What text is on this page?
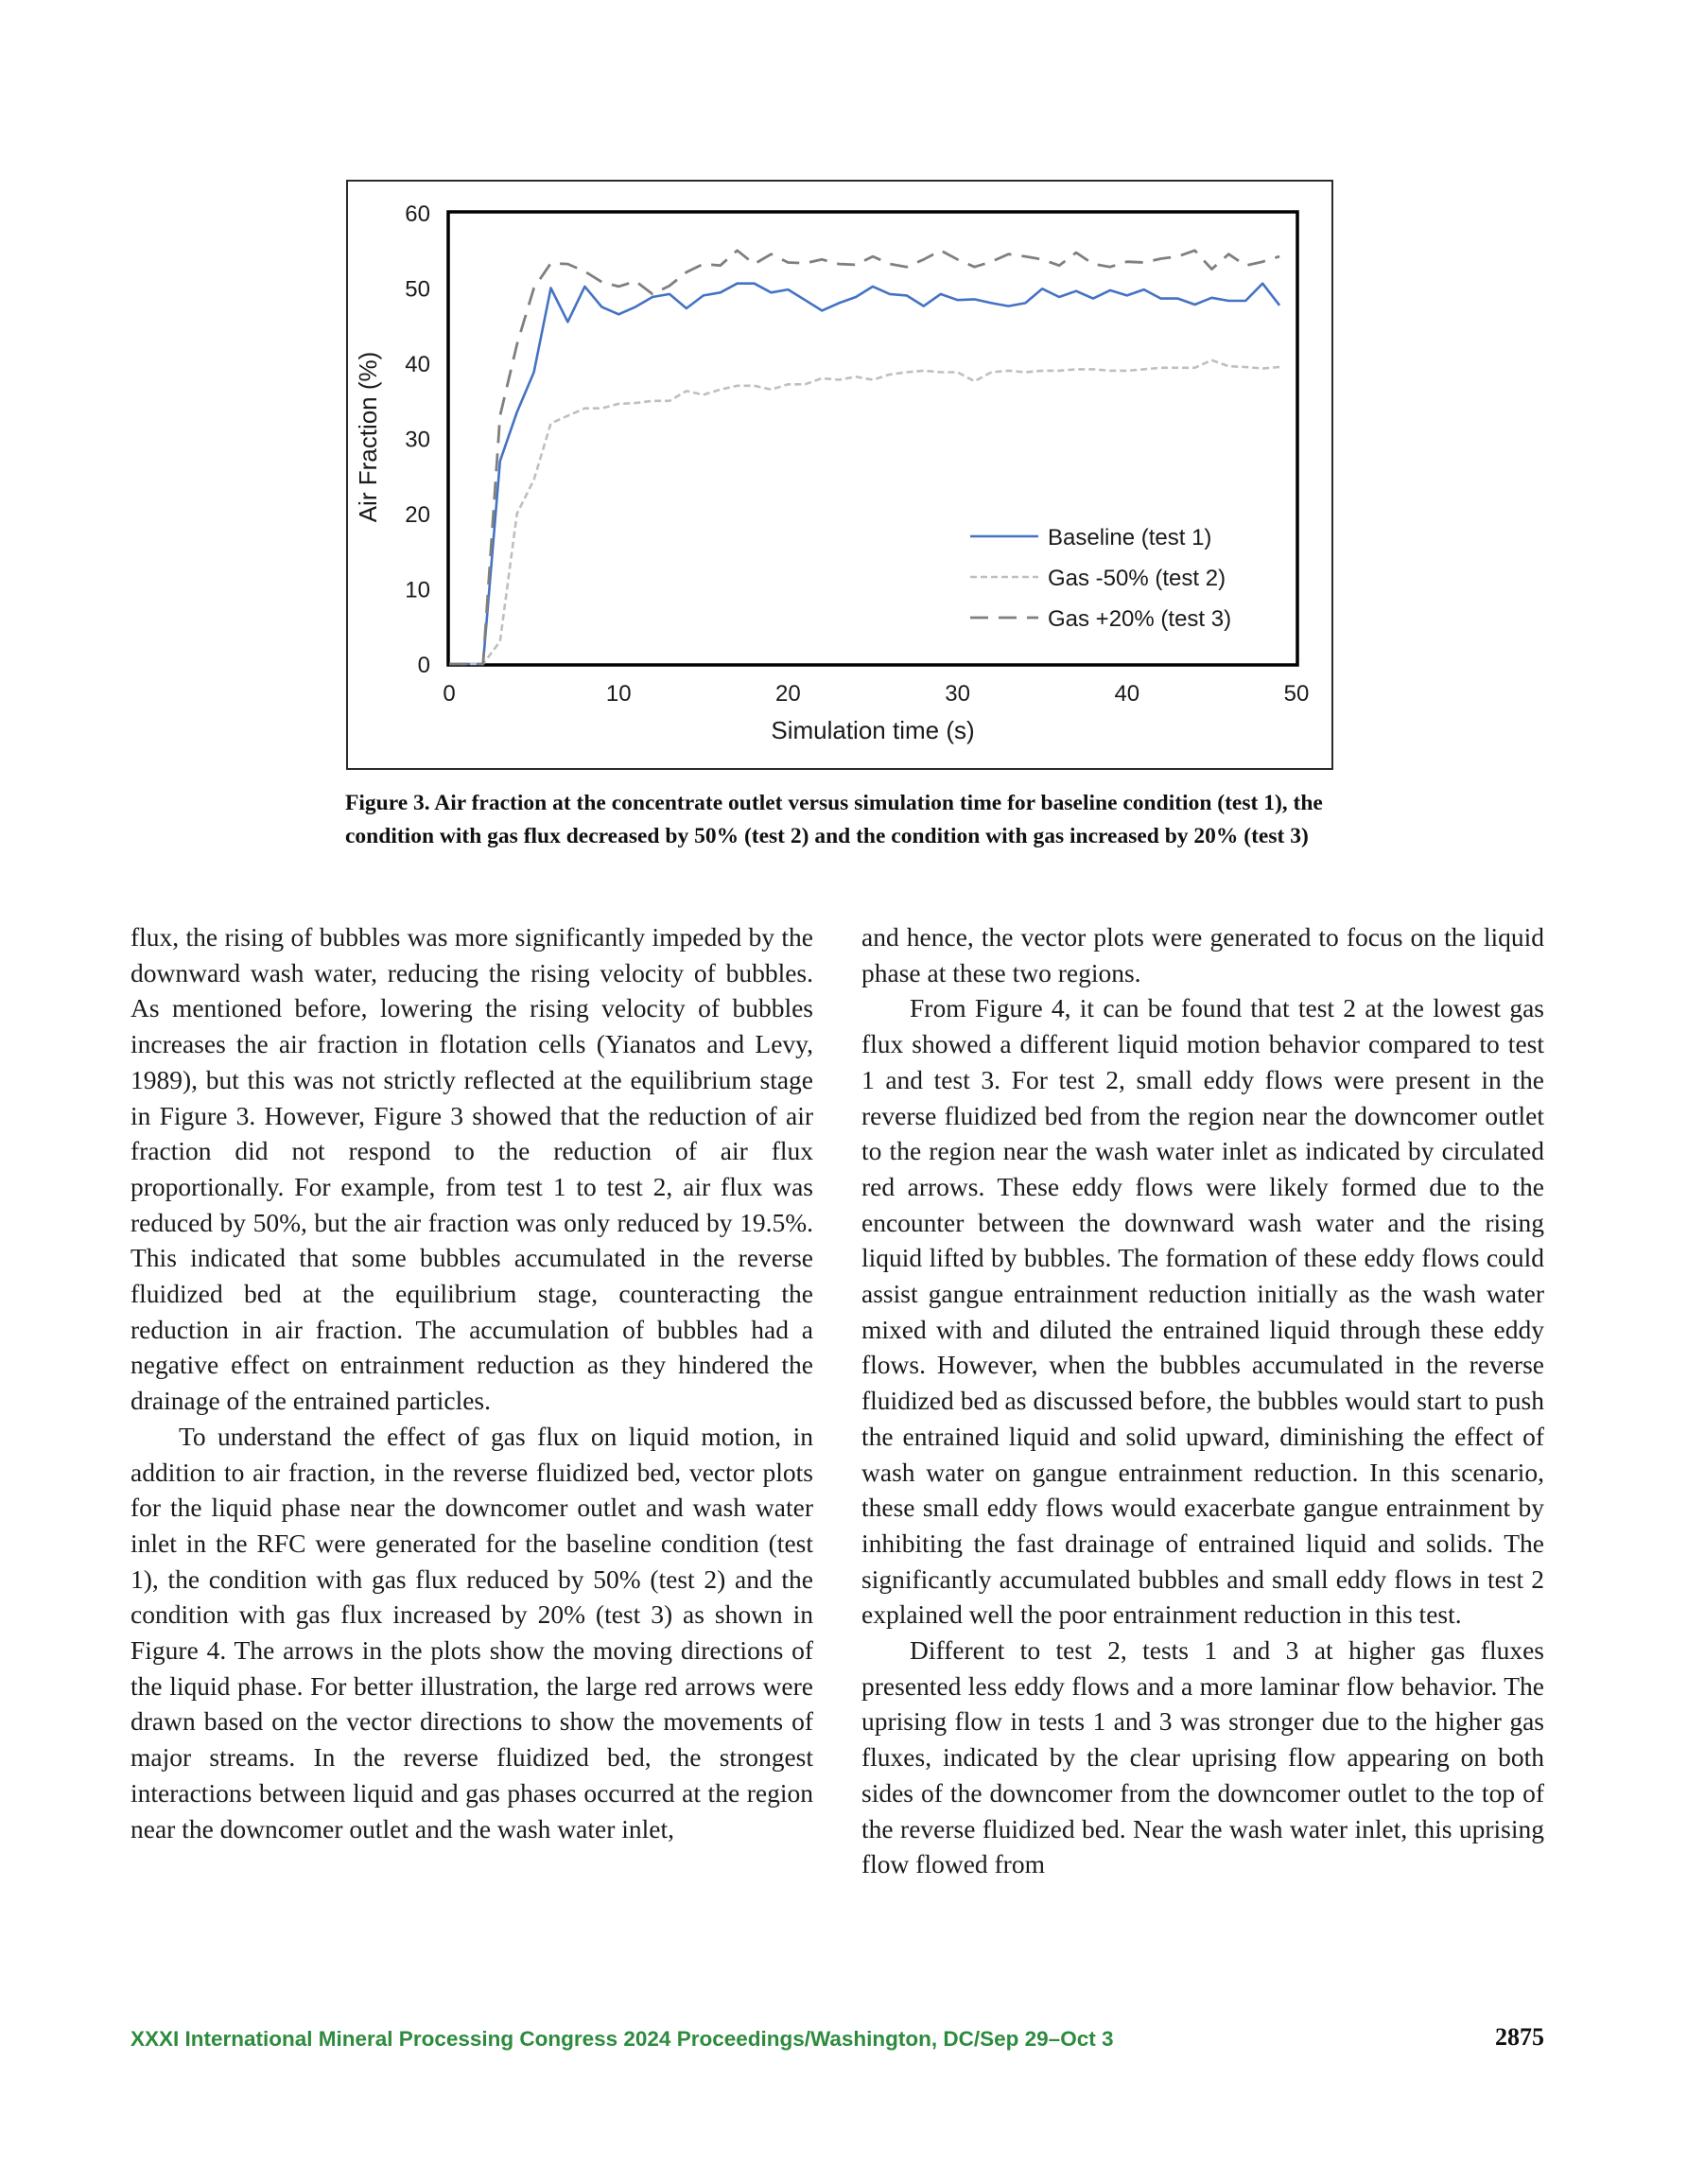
0
10
20
30
40
50
60
0	10	20	30	40	50
Air Fraction (%)
Simulation time (s)
Baseline (test 1)
Gas -50% (test 2)
Gas +20% (test 3)

Figure 3. Air fraction at the concentrate outlet versus simulation time for baseline condition (test 1), the condition with gas flux decreased by 50% (test 2) and the condition with gas increased by 20% (test 3)

flux, the rising of bubbles was more significantly impeded by the downward wash water, reducing the rising velocity of bubbles. As mentioned before, lowering the rising velocity of bubbles increases the air fraction in flotation cells (Yianatos and Levy, 1989), but this was not strictly reflected at the equilibrium stage in Figure 3. However, Figure 3 showed that the reduction of air fraction did not respond to the reduction of air flux proportionally. For example, from test 1 to test 2, air flux was reduced by 50%, but the air fraction was only reduced by 19.5%. This indicated that some bubbles accumulated in the reverse fluidized bed at the equilibrium stage, counteracting the reduction in air fraction. The accumulation of bubbles had a negative effect on entrainment reduction as they hindered the drainage of the entrained particles.

To understand the effect of gas flux on liquid motion, in addition to air fraction, in the reverse fluidized bed, vector plots for the liquid phase near the downcomer outlet and wash water inlet in the RFC were generated for the baseline condition (test 1), the condition with gas flux reduced by 50% (test 2) and the condition with gas flux increased by 20% (test 3) as shown in Figure 4. The arrows in the plots show the moving directions of the liquid phase. For better illustration, the large red arrows were drawn based on the vector directions to show the movements of major streams. In the reverse fluidized bed, the strongest interactions between liquid and gas phases occurred at the region near the downcomer outlet and the wash water inlet,

and hence, the vector plots were generated to focus on the liquid phase at these two regions.

From Figure 4, it can be found that test 2 at the lowest gas flux showed a different liquid motion behavior compared to test 1 and test 3. For test 2, small eddy flows were present in the reverse fluidized bed from the region near the downcomer outlet to the region near the wash water inlet as indicated by circulated red arrows. These eddy flows were likely formed due to the encounter between the downward wash water and the rising liquid lifted by bubbles. The formation of these eddy flows could assist gangue entrainment reduction initially as the wash water mixed with and diluted the entrained liquid through these eddy flows. However, when the bubbles accumulated in the reverse fluidized bed as discussed before, the bubbles would start to push the entrained liquid and solid upward, diminishing the effect of wash water on gangue entrainment reduction. In this scenario, these small eddy flows would exacerbate gangue entrainment by inhibiting the fast drainage of entrained liquid and solids. The significantly accumulated bubbles and small eddy flows in test 2 explained well the poor entrainment reduction in this test.

Different to test 2, tests 1 and 3 at higher gas fluxes presented less eddy flows and a more laminar flow behavior. The uprising flow in tests 1 and 3 was stronger due to the higher gas fluxes, indicated by the clear uprising flow appearing on both sides of the downcomer from the downcomer outlet to the top of the reverse fluidized bed. Near the wash water inlet, this uprising flow flowed from

XXXI International Mineral Processing Congress 2024 Proceedings/Washington, DC/Sep 29–Oct 3	2875
